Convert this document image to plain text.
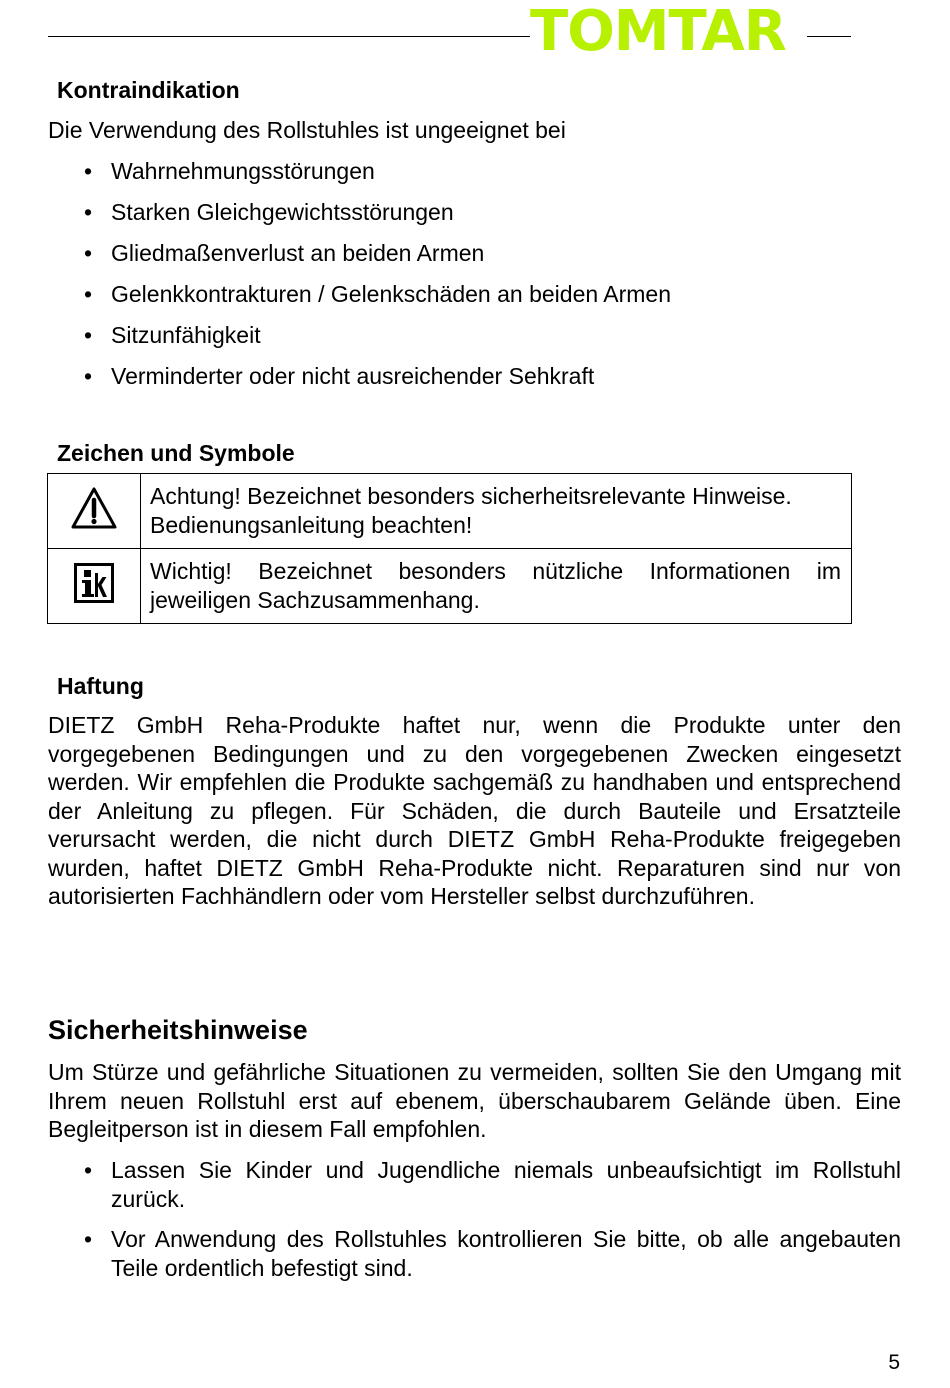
TOMTAR
Kontraindikation
Die Verwendung des Rollstuhles ist ungeeignet bei
• Wahrnehmungsstörungen
• Starken Gleichgewichtsstörungen
• Gliedmaßenverlust an beiden Armen
• Gelenkkontrakturen / Gelenkschäden an beiden Armen
• Sitzunfähigkeit
• Verminderter oder nicht ausreichender Sehkraft
Zeichen und Symbole
	Achtung! Bezeichnet besonders sicherheitsrelevante Hinweise. Bedienungsanleitung beachten!
	Wichtig! Bezeichnet besonders nützliche Informationen im jeweiligen Sachzusammenhang.
Haftung
DIETZ GmbH Reha-Produkte haftet nur, wenn die Produkte unter den vorgegebenen Bedingungen und zu den vorgegebenen Zwecken eingesetzt werden. Wir empfehlen die Produkte sachgemäß zu handhaben und entsprechend der Anleitung zu pflegen. Für Schäden, die durch Bauteile und Ersatzteile verursacht werden, die nicht durch DIETZ GmbH Reha-Produkte freigegeben wurden, haftet DIETZ GmbH Reha-Produkte nicht. Reparaturen sind nur von autorisierten Fachhändlern oder vom Hersteller selbst durchzuführen.
Sicherheitshinweise
Um Stürze und gefährliche Situationen zu vermeiden, sollten Sie den Umgang mit Ihrem neuen Rollstuhl erst auf ebenem, überschaubarem Gelände üben. Eine Begleitperson ist in diesem Fall empfohlen.
• Lassen Sie Kinder und Jugendliche niemals unbeaufsichtigt im Rollstuhl zurück.
• Vor Anwendung des Rollstuhles kontrollieren Sie bitte, ob alle angebauten Teile ordentlich befestigt sind.
5
